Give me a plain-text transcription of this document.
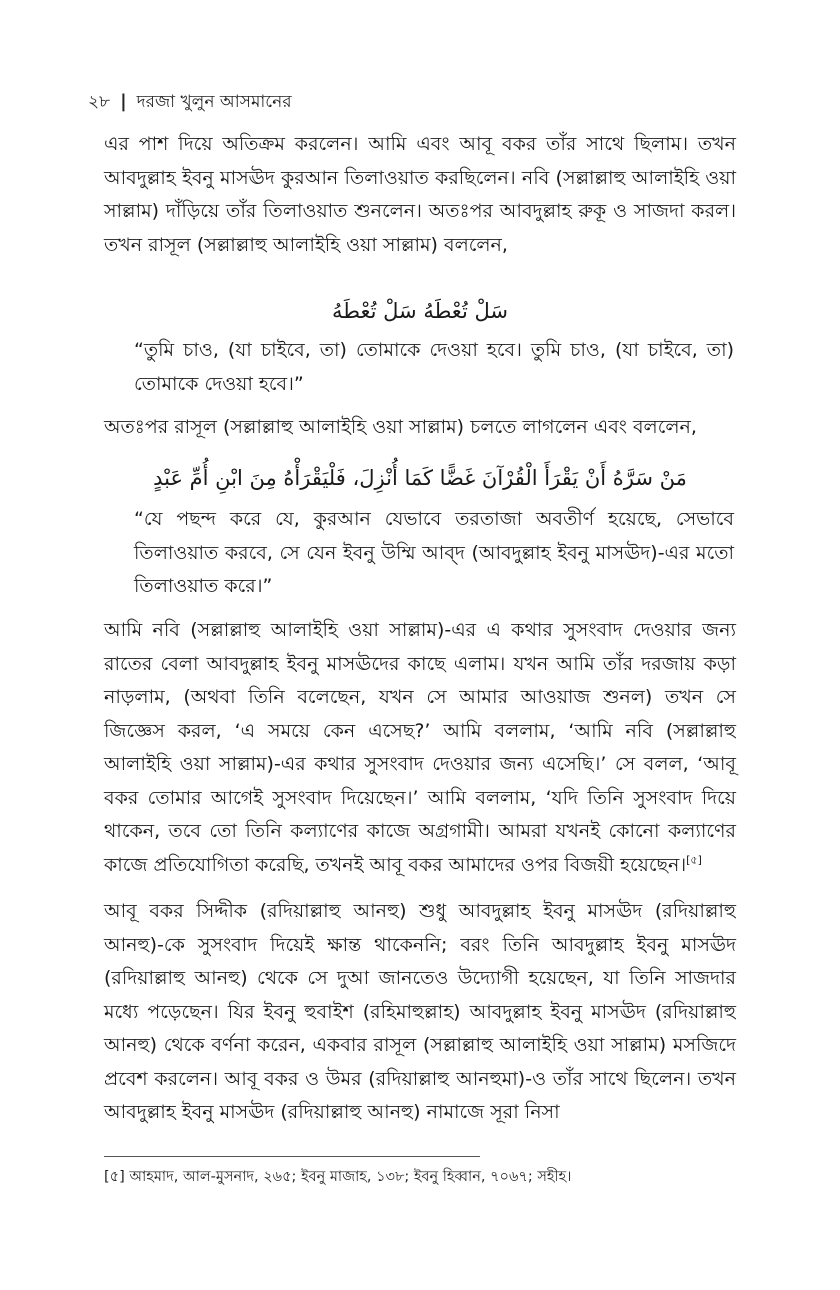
২৮ | দরজা খুলুন আসমানের

এর পাশ দিয়ে অতিক্রম করলেন। আমি এবং আবূ বকর তাঁর সাথে ছিলাম। তখন আবদুল্লাহ ইবনু মাসঊদ কুরআন তিলাওয়াত করছিলেন। নবি (সল্লাল্লাহু আলাইহি ওয়া সাল্লাম) দাঁড়িয়ে তাঁর তিলাওয়াত শুনলেন। অতঃপর আবদুল্লাহ রুকূ ও সাজদা করল। তখন রাসূল (সল্লাল্লাহু আলাইহি ওয়া সাল্লাম) বললেন,

سَلْ تُعْطَهُ سَلْ تُعْطَهُ

“তুমি চাও, (যা চাইবে, তা) তোমাকে দেওয়া হবে। তুমি চাও, (যা চাইবে, তা) তোমাকে দেওয়া হবে।”

অতঃপর রাসূল (সল্লাল্লাহু আলাইহি ওয়া সাল্লাম) চলতে লাগলেন এবং বললেন,

مَنْ سَرَّهُ أَنْ يَقْرَأَ الْقُرْآنَ غَضًّا كَمَا أُنْزِلَ، فَلْيَقْرَأْهُ مِنَ ابْنِ أُمِّ عَبْدٍ

“যে পছন্দ করে যে, কুরআন যেভাবে তরতাজা অবতীর্ণ হয়েছে, সেভাবে তিলাওয়াত করবে, সে যেন ইবনু উম্মি আব্‌দ (আবদুল্লাহ ইবনু মাসঊদ)-এর মতো তিলাওয়াত করে।”

আমি নবি (সল্লাল্লাহু আলাইহি ওয়া সাল্লাম)-এর এ কথার সুসংবাদ দেওয়ার জন্য রাতের বেলা আবদুল্লাহ ইবনু মাসঊদের কাছে এলাম। যখন আমি তাঁর দরজায় কড়া নাড়লাম, (অথবা তিনি বলেছেন, যখন সে আমার আওয়াজ শুনল) তখন সে জিজ্ঞেস করল, ‘এ সময়ে কেন এসেছ?’ আমি বললাম, ‘আমি নবি (সল্লাল্লাহু আলাইহি ওয়া সাল্লাম)-এর কথার সুসংবাদ দেওয়ার জন্য এসেছি।’ সে বলল, ‘আবূ বকর তোমার আগেই সুসংবাদ দিয়েছেন।’ আমি বললাম, ‘যদি তিনি সুসংবাদ দিয়ে থাকেন, তবে তো তিনি কল্যাণের কাজে অগ্রগামী। আমরা যখনই কোনো কল্যাণের কাজে প্রতিযোগিতা করেছি, তখনই আবূ বকর আমাদের ওপর বিজয়ী হয়েছেন।[৫]

আবূ বকর সিদ্দীক (রদিয়াল্লাহু আনহু) শুধু আবদুল্লাহ ইবনু মাসঊদ (রদিয়াল্লাহু আনহু)-কে সুসংবাদ দিয়েই ক্ষান্ত থাকেননি; বরং তিনি আবদুল্লাহ ইবনু মাসঊদ (রদিয়াল্লাহু আনহু) থেকে সে দুআ জানতেও উদ্যোগী হয়েছেন, যা তিনি সাজদার মধ্যে পড়েছেন। যির ইবনু হুবাইশ (রহিমাহুল্লাহ) আবদুল্লাহ ইবনু মাসঊদ (রদিয়াল্লাহু আনহু) থেকে বর্ণনা করেন, একবার রাসূল (সল্লাল্লাহু আলাইহি ওয়া সাল্লাম) মসজিদে প্রবেশ করলেন। আবূ বকর ও উমর (রদিয়াল্লাহু আনহুমা)-ও তাঁর সাথে ছিলেন। তখন আবদুল্লাহ ইবনু মাসঊদ (রদিয়াল্লাহু আনহু) নামাজে সূরা নিসা

[৫] আহমাদ, আল-মুসনাদ, ২৬৫; ইবনু মাজাহ, ১৩৮; ইবনু হিব্বান, ৭০৬৭; সহীহ।
